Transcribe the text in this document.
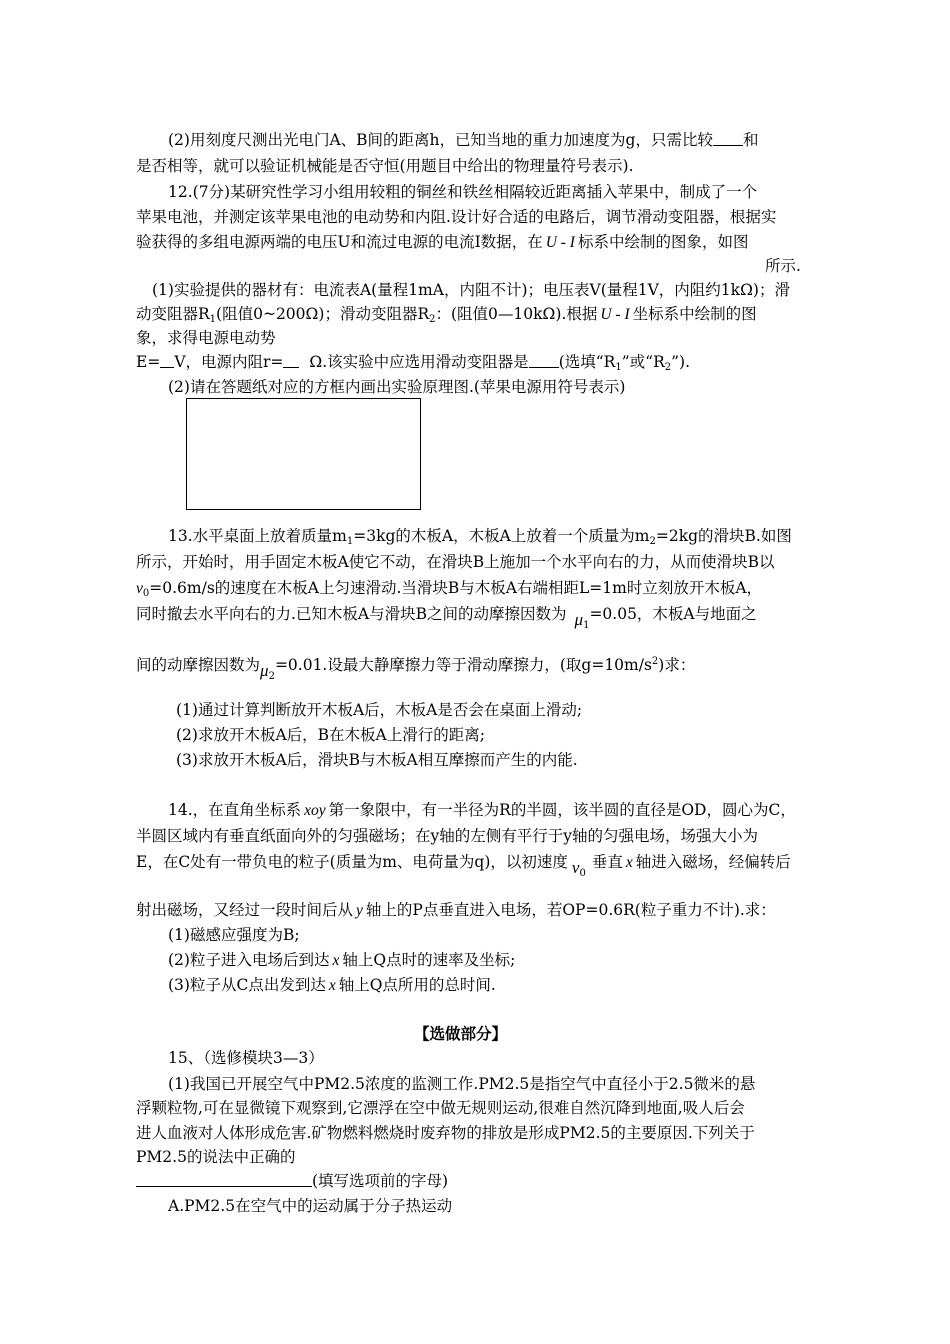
(2)用刻度尺测出光电门A、B间的距离h，已知当地的重力加速度为g，只需比较 和
是否相等，就可以验证机械能是否守恒(用题目中给出的物理量符号表示).
12.(7分)某研究性学习小组用较粗的铜丝和铁丝相隔较近距离插入苹果中，制成了一个
苹果电池，并测定该苹果电池的电动势和内阻.设计好合适的电路后，调节滑动变阻器，根据实
验获得的多组电源两端的电压U和流过电源的电流I数据，在 U - I 标系中绘制的图象，如图
所示.
(1)实验提供的器材有：电流表A(量程1mA，内阻不计)；电压表V(量程1V，内阻约1kΩ)；滑
动变阻器$R_1$(阻值0~200Ω)；滑动变阻器$R_2$：(阻值0—10kΩ).根据 U - I 坐标系中绘制的图
象，求得电源电动势
E= V，电源内阻r= Ω.该实验中应选用滑动变阻器是 (选填“$R_1$”或“$R_2$”).
(2)请在答题纸对应的方框内画出实验原理图.(苹果电源用符号表示)
13.水平桌面上放着质量$m_1=3kg$的木板A，木板A上放着一个质量为$m_2=2kg$的滑块B.如图
所示，开始时，用手固定木板A使它不动，在滑块B上施加一个水平向右的力，从而使滑块B以
$v_0=0.6m/s$的速度在木板A上匀速滑动.当滑块B与木板A右端相距L=1m时立刻放开木板A，
同时撤去水平向右的力.已知木板A与滑块B之间的动摩擦因数为 $\mu_1=0.05$，木板A与地面之
间的动摩擦因数为$\mu_2=0.01$.设最大静摩擦力等于滑动摩擦力，(取$g=10m/s^2$)求：
(1)通过计算判断放开木板A后，木板A是否会在桌面上滑动;
(2)求放开木板A后，B在木板A上滑行的距离;
(3)求放开木板A后，滑块B与木板A相互摩擦而产生的内能.
14.，在直角坐标系 xoy 第一象限中，有一半径为R的半圆，该半圆的直径是OD，圆心为C，
半圆区域内有垂直纸面向外的匀强磁场；在y轴的左侧有平行于y轴的匀强电场，场强大小为
E，在C处有一带负电的粒子(质量为m、电荷量为q)，以初速度 $v_0$垂直 x 轴进入磁场，经偏转后
射出磁场，又经过一段时间后从 y 轴上的P点垂直进入电场，若OP=0.6R(粒子重力不计).求：
(1)磁感应强度为B;
(2)粒子进入电场后到达 x 轴上Q点时的速率及坐标;
(3)粒子从C点出发到达 x 轴上Q点所用的总时间.
【选做部分】
15、（选修模块3—3）
(1)我国已开展空气中PM2.5浓度的监测工作.PM2.5是指空气中直径小于2.5微米的悬
浮颗粒物,可在显微镜下观察到,它漂浮在空中做无规则运动,很难自然沉降到地面,吸人后会
进人血液对人体形成危害.矿物燃料燃烧时废弃物的排放是形成PM2.5的主要原因.下列关于
PM2.5的说法中正确的
(填写选项前的字母)
A.PM2.5在空气中的运动属于分子热运动
